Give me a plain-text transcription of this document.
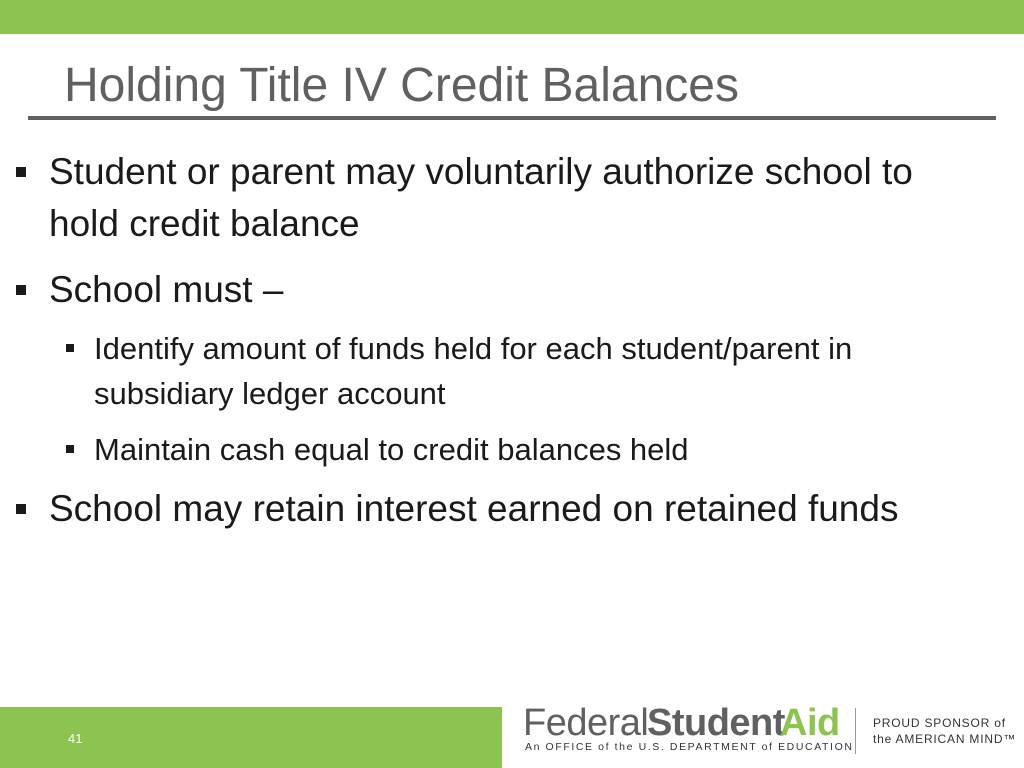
Holding Title IV Credit Balances
Student or parent may voluntarily authorize school to hold credit balance
School must –
Identify amount of funds held for each student/parent in subsidiary ledger account
Maintain cash equal to credit balances held
School may retain interest earned on retained funds
41	Federal
Student
Aid
An OFFICE of the U.S. DEPARTMENT of EDUCATION
PROUD SPONSOR of
the AMERICAN MIND™
